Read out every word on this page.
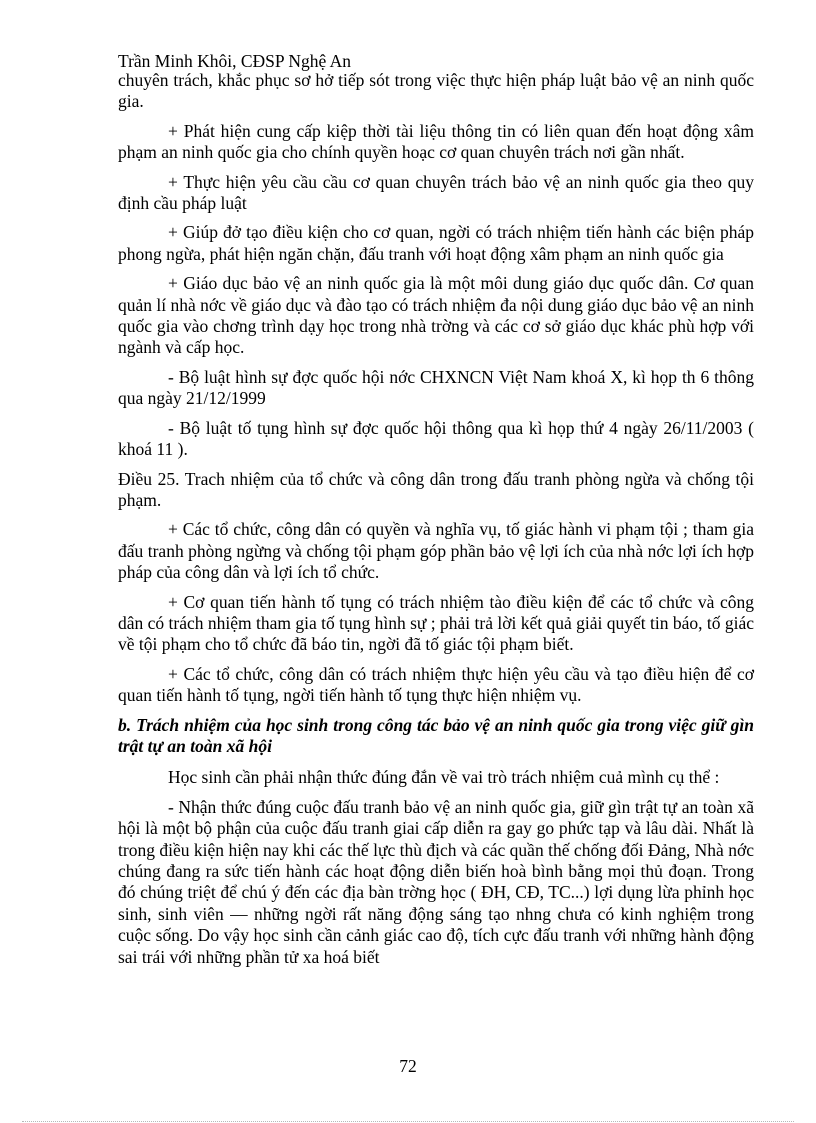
Trần Minh Khôi, CĐSP Nghệ An

chuyên trách, khắc phục sơ hở tiếp sót trong việc thực hiện pháp luật bảo vệ an ninh quốc gia.

+ Phát hiện cung cấp kiệp thời tài liệu thông tin có liên quan đến hoạt động xâm phạm an ninh quốc gia cho chính quyền hoạc cơ quan chuyên trách nơi gần nhất.

+ Thực hiện yêu cầu cầu cơ quan chuyên trách bảo vệ an ninh quốc gia theo quy định cầu pháp luật

+ Giúp đở tạo điều kiện cho cơ quan, ngời có trách nhiệm tiến hành các biện pháp phong ngừa, phát hiện ngăn chặn, đấu tranh với hoạt động xâm phạm an ninh quốc gia

+ Giáo dục bảo vệ an ninh quốc gia là một môi dung giáo dục quốc dân. Cơ quan quản lí nhà nớc về giáo dục và đào tạo có trách nhiệm đa nội dung giáo dục bảo vệ an ninh quốc gia vào chơng trình dạy học trong nhà trờng và các cơ sở giáo dục khác phù hợp với ngành và cấp học.

- Bộ luật hình sự đợc quốc hội nớc CHXNCN Việt Nam khoá X, kì họp th 6 thông qua ngày 21/12/1999

- Bộ luật tố tụng hình sự đợc quốc hội thông qua kì họp thứ 4 ngày 26/11/2003 ( khoá 11 ).

Điều 25. Trach nhiệm của tổ chức và công dân trong đấu tranh phòng ngừa và chống tội phạm.

+ Các tổ chức, công dân có quyền và nghĩa vụ, tố giác hành vi phạm tội ; tham gia đấu tranh phòng ngừng và chống tội phạm góp phần bảo vệ lợi ích của nhà nớc lợi ích hợp pháp của công dân và lợi ích tổ chức.

+ Cơ quan tiến hành tố tụng có trách nhiệm tào điều kiện để các tổ chức và công dân có trách nhiệm tham gia tố tụng hình sự ; phải trả lời kết quả giải quyết tin báo, tố giác về tội phạm cho tổ chức đã báo tin, ngời đã tố giác tội phạm biết.

+ Các tổ chức, công dân có trách nhiệm thực hiện yêu cầu và tạo điều hiện để cơ quan tiến hành tố tụng, ngời tiến hành tố tụng thực hiện nhiệm vụ.

b. Trách nhiệm của học sinh trong công tác bảo vệ an ninh quốc gia trong việc giữ gìn trật tự an toàn xã hội

Học sinh cần phải nhận thức đúng đắn về vai trò trách nhiệm cuả mình cụ thể :

- Nhận thức đúng cuộc đấu tranh bảo vệ an ninh quốc gia, giữ gìn trật tự an toàn xã hội là một bộ phận của cuộc đấu tranh giai cấp diễn ra gay go phức tạp và lâu dài. Nhất là trong điều kiện hiện nay khi các thế lực thù địch và các quần thế chống đối Đảng, Nhà nớc chúng đang ra sức tiến hành các hoạt động diễn biến hoà bình bằng mọi thủ đoạn. Trong đó chúng triệt để chú ý đến các địa bàn trờng học ( ĐH, CĐ, TC...) lợi dụng lừa phỉnh học sinh, sinh viên — những ngời rất năng động sáng tạo nhng chưa có kinh nghiệm trong cuộc sống. Do vậy học sinh cần cảnh giác cao độ, tích cực đấu tranh với những hành động sai trái với những phần tử xa hoá biết

72
